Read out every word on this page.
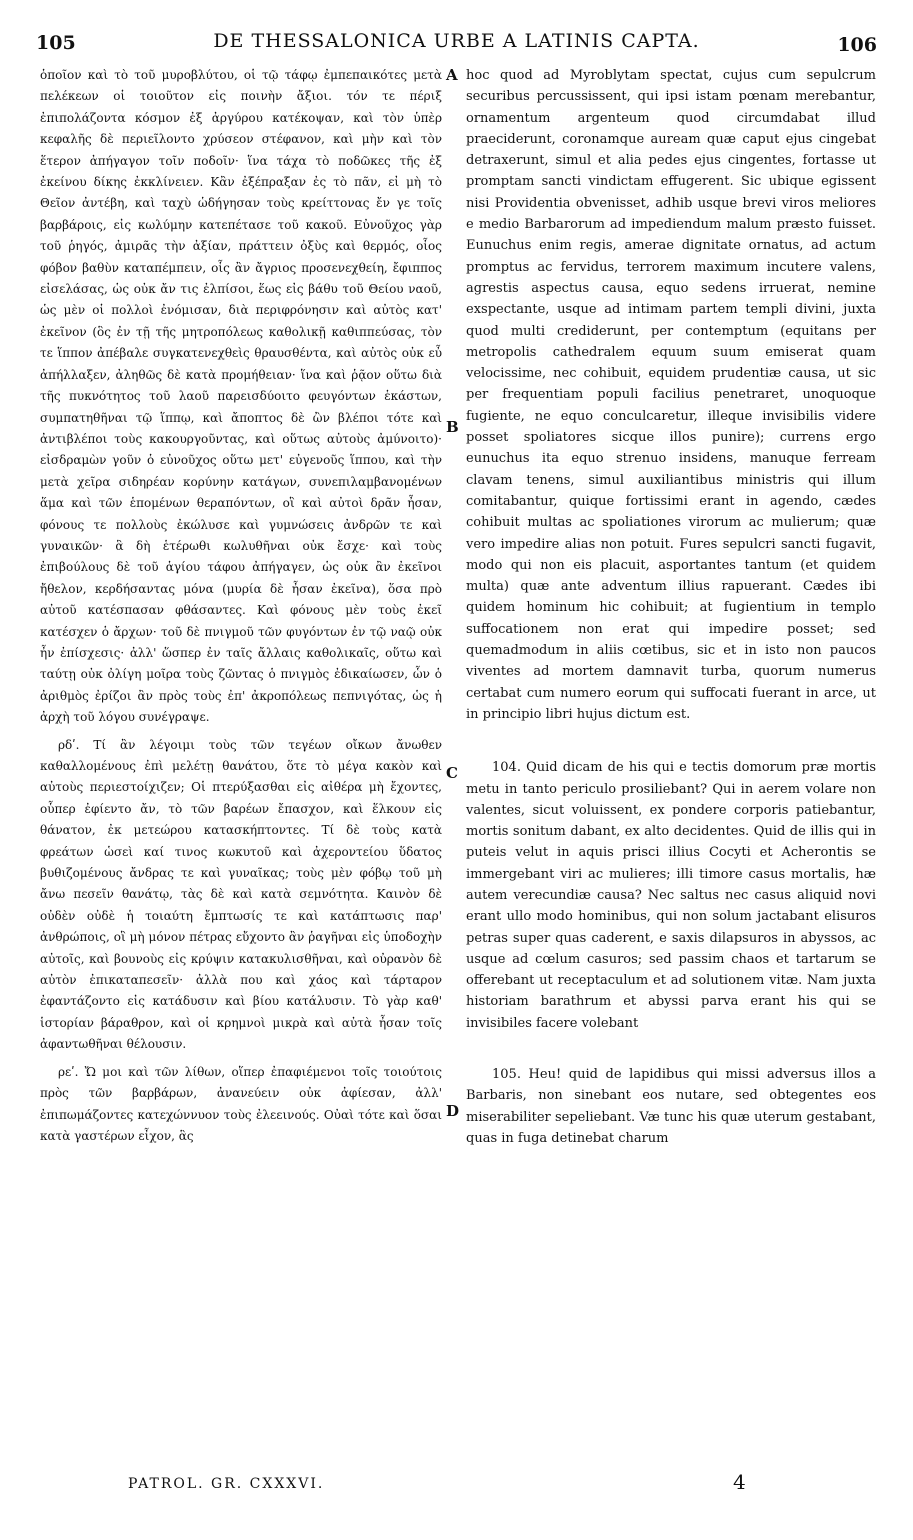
105	DE THESSALONICA URBE A LATINIS CAPTA.	106

ὁποῖον καὶ τὸ τοῦ μυροβλύτου, οἱ τῷ τάφῳ ἐμπεπαικότες μετὰ πελέκεων οἱ τοιοῦτον εἰς ποινὴν ἄξιοι. τόν τε πέριξ ἐπιπολάζοντα κόσμον ἐξ ἀργύρου κατέκοψαν, καὶ τὸν ὑπὲρ κεφαλῆς δὲ περιεῖλοντο χρύσεον στέφανον, καὶ μὴν καὶ τὸν ἕτερον ἀπήγαγον τοῖν ποδοῖν· ἵνα τάχα τὸ ποδῶκες τῆς ἐξ ἐκείνου δίκης ἐκκλίνειεν. Κἂν ἐξέπραξαν ἐς τὸ πᾶν, εἰ μὴ τὸ Θεῖον ἀντέβη, καὶ ταχὺ ὡδήγησαν τοὺς κρείττονας ἔν γε τοῖς βαρβάροις, εἰς κωλύμην κατεπέτασε τοῦ κακοῦ. Εὐνοῦχος γὰρ τοῦ ῥηγός, ἀμιρᾶς τὴν ἀξίαν, πράττειν ὀξὺς καὶ θερμός, οἷος φόβον βαθὺν καταπέμπειν, οἷς ἂν ἄγριος προσενεχθείη, ἔφιππος εἰσελάσας, ὡς οὐκ ἄν τις ἐλπίσοι, ἕως εἰς βάθυ τοῦ Θείου ναοῦ, ὡς μὲν οἱ πολλοὶ ἐνόμισαν, διὰ περιφρόνησιν καὶ αὐτὸς κατ' ἐκεῖνον (ὃς ἐν τῇ τῆς μητροπόλεως καθολικῇ καθιππεύσας, τὸν τε ἵππον ἀπέβαλε συγκατενεχθεὶς θραυσθέντα, καὶ αὐτὸς οὐκ εὖ ἀπήλλαξεν, ἀληθῶς δὲ κατὰ προμήθειαν· ἵνα καὶ ῥᾷον οὕτω διὰ τῆς πυκνότητος τοῦ λαοῦ παρεισδύοιτο φευγόντων ἑκάστων, συμπατηθῆναι τῷ ἵππῳ, καὶ ἄποπτος δὲ ὢν βλέποι τότε καὶ ἀντιβλέποι τοὺς κακουργοῦντας, καὶ οὕτως αὐτοὺς ἀμύνοιτο)· εἰσδραμὼν γοῦν ὁ εὐνοῦχος οὕτω μετ' εὐγενοῦς ἵππου, καὶ τὴν μετὰ χεῖρα σιδηρέαν κορύνην κατάγων, συνεπιλαμβανομένων ἅμα καὶ τῶν ἑπομένων θεραπόντων, οἳ καὶ αὐτοὶ δρᾶν ἦσαν, φόνους τε πολλοὺς ἐκώλυσε καὶ γυμνώσεις ἀνδρῶν τε καὶ γυναικῶν· ἃ δὴ ἑτέρωθι κωλυθῆναι οὐκ ἔσχε· καὶ τοὺς ἐπιβούλους δὲ τοῦ ἁγίου τάφου ἀπήγαγεν, ὡς οὐκ ἂν ἐκεῖνοι ἤθελον, κερδήσαντας μόνα (μυρία δὲ ἦσαν ἐκεῖνα), ὅσα πρὸ αὐτοῦ κατέσπασαν φθάσαντες. Καὶ φόνους μὲν τοὺς ἐκεῖ κατέσχεν ὁ ἄρχων· τοῦ δὲ πνιγμοῦ τῶν φυγόντων ἐν τῷ ναῷ οὐκ ἦν ἐπίσχεσις· ἀλλ' ὥσπερ ἐν ταῖς ἄλλαις καθολικαῖς, οὕτω καὶ ταύτῃ οὐκ ὀλίγη μοῖρα τοὺς ζῶντας ὁ πνιγμὸς ἐδικαίωσεν, ὧν ὁ ἀριθμὸς ἐρίζοι ἂν πρὸς τοὺς ἐπ' ἀκροπόλεως πεπνιγότας, ὡς ἡ ἀρχὴ τοῦ λόγου συνέγραψε.

ρδʹ. Τί ἂν λέγοιμι τοὺς τῶν τεγέων οἴκων ἄνωθεν καθαλλομένους ἐπὶ μελέτῃ θανάτου, ὅτε τὸ μέγα κακὸν καὶ αὐτοὺς περιεστοίχιζεν; Οἱ πτερύξασθαι εἰς αἰθέρα μὴ ἔχοντες, οὗπερ ἐφίεντο ἄν, τὸ τῶν βαρέων ἔπασχον, καὶ ἕλκουν εἰς θάνατον, ἐκ μετεώρου κατασκήπτοντες. Τί δὲ τοὺς κατὰ φρεάτων ὡσεὶ καί τινος κωκυτοῦ καὶ ἀχεροντείου ὕδατος βυθιζομένους ἄνδρας τε καὶ γυναῖκας; τοὺς μὲν φόβῳ τοῦ μὴ ἄνω πεσεῖν θανάτῳ, τὰς δὲ καὶ κατὰ σεμνότητα. Καινὸν δὲ οὐδὲν οὐδὲ ἡ τοιαύτη ἔμπτωσίς τε καὶ κατάπτωσις παρ' ἀνθρώποις, οἳ μὴ μόνον πέτρας εὔχοντο ἂν ῥαγῆναι εἰς ὑποδοχὴν αὐτοῖς, καὶ βουνοὺς εἰς κρύψιν κατακυλισθῆναι, καὶ οὐρανὸν δὲ αὐτὸν ἐπικαταπεσεῖν· ἀλλὰ που καὶ χάος καὶ τάρταρον ἐφαντάζοντο εἰς κατάδυσιν καὶ βίου κατάλυσιν. Τὸ γὰρ καθ' ἱστορίαν βάραθρον, καὶ οἱ κρημνοὶ μικρὰ καὶ αὐτὰ ἦσαν τοῖς ἀφαντωθῆναι θέλουσιν.

ρεʹ. Ὤ μοι καὶ τῶν λίθων, οἵπερ ἐπαφιέμενοι τοῖς τοιούτοις πρὸς τῶν βαρβάρων, ἀνανεύειν οὐκ ἀφίεσαν, ἀλλ' ἐπιπωμάζοντες κατεχώννυον τοὺς ἐλεεινούς. Οὐαὶ τότε καὶ ὅσαι κατὰ γαστέρων εἶχον, ἃς

A
B
C
D

hoc quod ad Myroblytam spectat, cujus cum sepulcrum securibus percussissent, qui ipsi istam pœnam merebantur, ornamentum argenteum quod circumdabat illud praeciderunt, coronamque auream quæ caput ejus cingebat detraxerunt, simul et alia pedes ejus cingentes, fortasse ut promptam sancti vindictam effugerent. Sic ubique egissent nisi Providentia obvenisset, adhib usque brevi viros meliores e medio Barbarorum ad impediendum malum præsto fuisset. Eunuchus enim regis, amerae dignitate ornatus, ad actum promptus ac fervidus, terrorem maximum incutere valens, agrestis aspectus causa, equo sedens irruerat, nemine exspectante, usque ad intimam partem templi divini, juxta quod multi crediderunt, per contemptum (equitans per metropolis cathedralem equum suum emiserat quam velocissime, nec cohibuit, equidem prudentiæ causa, ut sic per frequentiam populi facilius penetraret, unoquoque fugiente, ne equo conculcaretur, illeque invisibilis videre posset spoliatores sicque illos punire); currens ergo eunuchus ita equo strenuo insidens, manuque ferream clavam tenens, simul auxiliantibus ministris qui illum comitabantur, quique fortissimi erant in agendo, cædes cohibuit multas ac spoliationes virorum ac mulierum; quæ vero impedire alias non potuit. Fures sepulcri sancti fugavit, modo qui non eis placuit, asportantes tantum (et quidem multa) quæ ante adventum illius rapuerant. Cædes ibi quidem hominum hic cohibuit; at fugientium in templo suffocationem non erat qui impedire posset; sed quemadmodum in aliis cœtibus, sic et in isto non paucos viventes ad mortem damnavit turba, quorum numerus certabat cum numero eorum qui suffocati fuerant in arce, ut in principio libri hujus dictum est.

104. Quid dicam de his qui e tectis domorum præ mortis metu in tanto periculo prosiliebant? Qui in aerem volare non valentes, sicut voluissent, ex pondere corporis patiebantur, mortis sonitum dabant, ex alto decidentes. Quid de illis qui in puteis velut in aquis prisci illius Cocyti et Acherontis se immergebant viri ac mulieres; illi timore casus mortalis, hæ autem verecundiæ causa? Nec saltus nec casus aliquid novi erant ullo modo hominibus, qui non solum jactabant elisuros petras super quas caderent, e saxis dilapsuros in abyssos, ac usque ad cœlum casuros; sed passim chaos et tartarum se offerebant ut receptaculum et ad solutionem vitæ. Nam juxta historiam barathrum et abyssi parva erant his qui se invisibiles facere volebant

105. Heu! quid de lapidibus qui missi adversus illos a Barbaris, non sinebant eos nutare, sed obtegentes eos miserabiliter sepeliebant. Væ tunc his quæ uterum gestabant, quas in fuga detinebat charum

PATROL. GR. CXXXVI.	4
